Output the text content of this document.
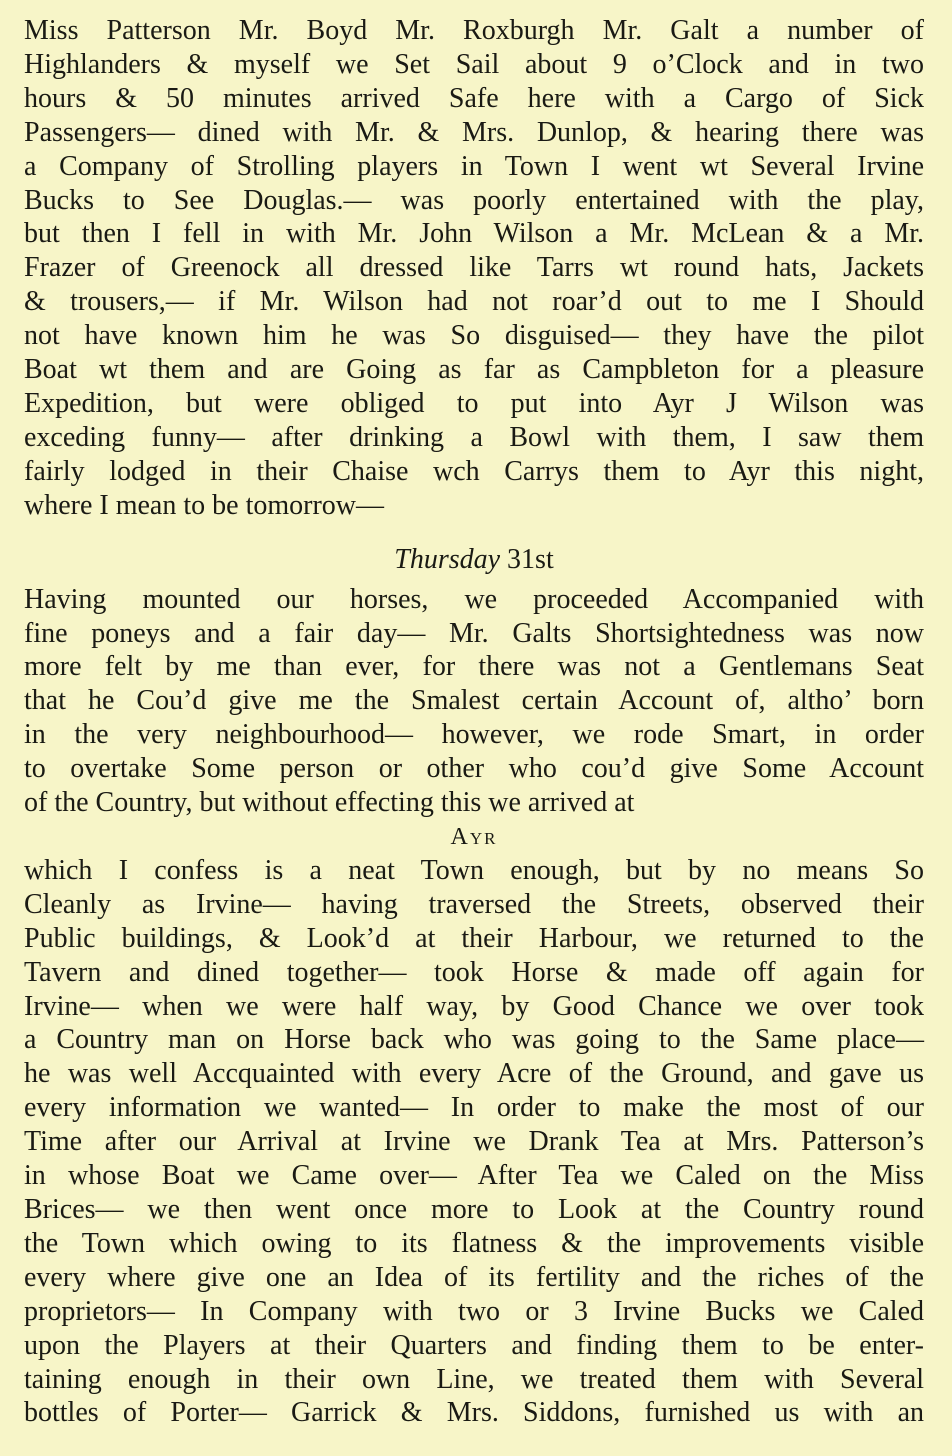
Miss Patterson Mr. Boyd Mr. Roxburgh Mr. Galt a number of
Highlanders & myself we Set Sail about 9 o’Clock and in two
hours & 50 minutes arrived Safe here with a Cargo of Sick
Passengers— dined with Mr. & Mrs. Dunlop, & hearing there was
a Company of Strolling players in Town I went wt Several Irvine
Bucks to See Douglas.— was poorly entertained with the play,
but then I fell in with Mr. John Wilson a Mr. McLean & a Mr.
Frazer of Greenock all dressed like Tarrs wt round hats, Jackets
& trousers,— if Mr. Wilson had not roar’d out to me I Should
not have known him he was So disguised— they have the pilot
Boat wt them and are Going as far as Campbleton for a pleasure
Expedition, but were obliged to put into Ayr J Wilson was
exceding funny— after drinking a Bowl with them, I saw them
fairly lodged in their Chaise wch Carrys them to Ayr this night,
where I mean to be tomorrow—
Thursday 31st
Having mounted our horses, we proceeded Accompanied with
fine poneys and a fair day— Mr. Galts Shortsightedness was now
more felt by me than ever, for there was not a Gentlemans Seat
that he Cou’d give me the Smalest certain Account of, altho’ born
in the very neighbourhood— however, we rode Smart, in order
to overtake Some person or other who cou’d give Some Account
of the Country, but without effecting this we arrived at
Ayr
which I confess is a neat Town enough, but by no means So
Cleanly as Irvine— having traversed the Streets, observed their
Public buildings, & Look’d at their Harbour, we returned to the
Tavern and dined together— took Horse & made off again for
Irvine— when we were half way, by Good Chance we over took
a Country man on Horse back who was going to the Same place—
he was well Accquainted with every Acre of the Ground, and gave us
every information we wanted— In order to make the most of our
Time after our Arrival at Irvine we Drank Tea at Mrs. Patterson’s
in whose Boat we Came over— After Tea we Caled on the Miss
Brices— we then went once more to Look at the Country round
the Town which owing to its flatness & the improvements visible
every where give one an Idea of its fertility and the riches of the
proprietors— In Company with two or 3 Irvine Bucks we Caled
upon the Players at their Quarters and finding them to be enter-
taining enough in their own Line, we treated them with Several
bottles of Porter— Garrick & Mrs. Siddons, furnished us with an
